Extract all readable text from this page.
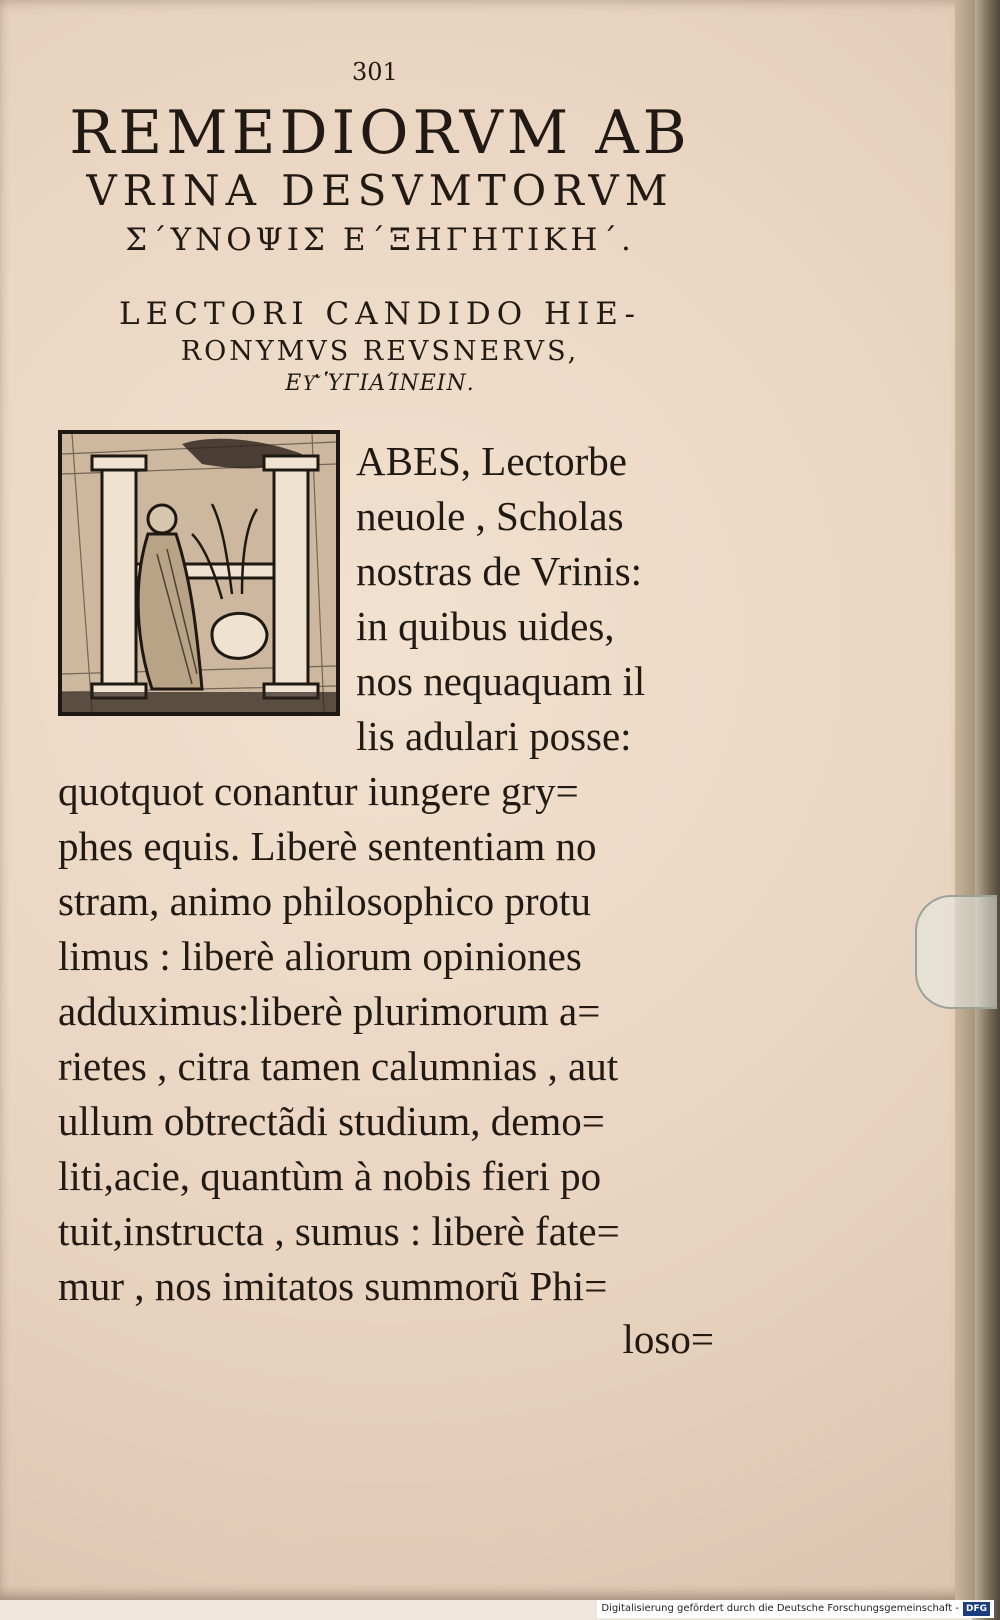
301
REMEDIORVM AB
VRINA DESVMTORVM
Σ΄ΥΝΟΨΙΣ Ε΄ΞΗΓΗΤΙΚΗ΄.
LECTORI CANDIDO HIE-
RONYMVS REVSNERVS,
ΕΥ̓͂ ὙΓΙΑΊΝΕΙΝ.
ABES, Lectorbe
neuole , Scholas
nostras de Vrinis:
in quibus uides,
nos nequaquam il
lis adulari posse:
quotquot conantur iungere gry=
phes equis. Liberè sententiam no
stram, animo philosophico protu
limus : liberè aliorum opiniones
adduximus:liberè plurimorum a=
rietes , citra tamen calumnias , aut
ullum obtrectãdi studium, demo=
liti,acie, quantùm à nobis fieri po
tuit,instructa , sumus : liberè fate=
mur , nos imitatos summorũ Phi=
loso=
Digitalisierung gefördert durch die Deutsche Forschungsgemeinschaft - DFG
